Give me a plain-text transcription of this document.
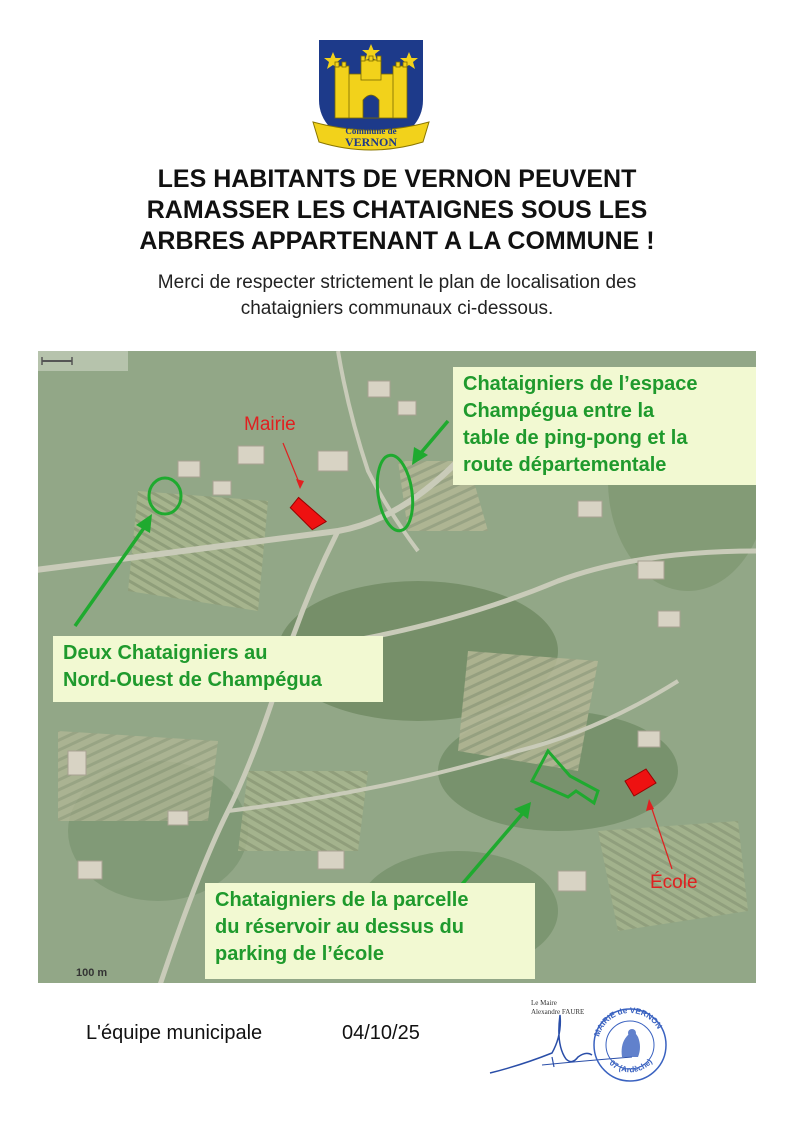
Commune de
VERNON
LES HABITANTS DE VERNON PEUVENT
RAMASSER LES CHATAIGNES SOUS LES
ARBRES APPARTENANT A LA COMMUNE !

Merci de respecter strictement le plan de localisation des
chataigniers communaux ci-dessous.

Mairie
École
Chataigniers de l’espace
Champégua entre la
table de ping-pong et la
route départementale
Deux Chataigniers au
Nord-Ouest de Champégua
Chataigniers de la parcelle
du réservoir au dessus du
parking de l’école
100 m
L'équipe municipale	04/10/25
Le Maire
Alexandre FAURE
MAIRIE de VERNON
07 (Ardèche)
